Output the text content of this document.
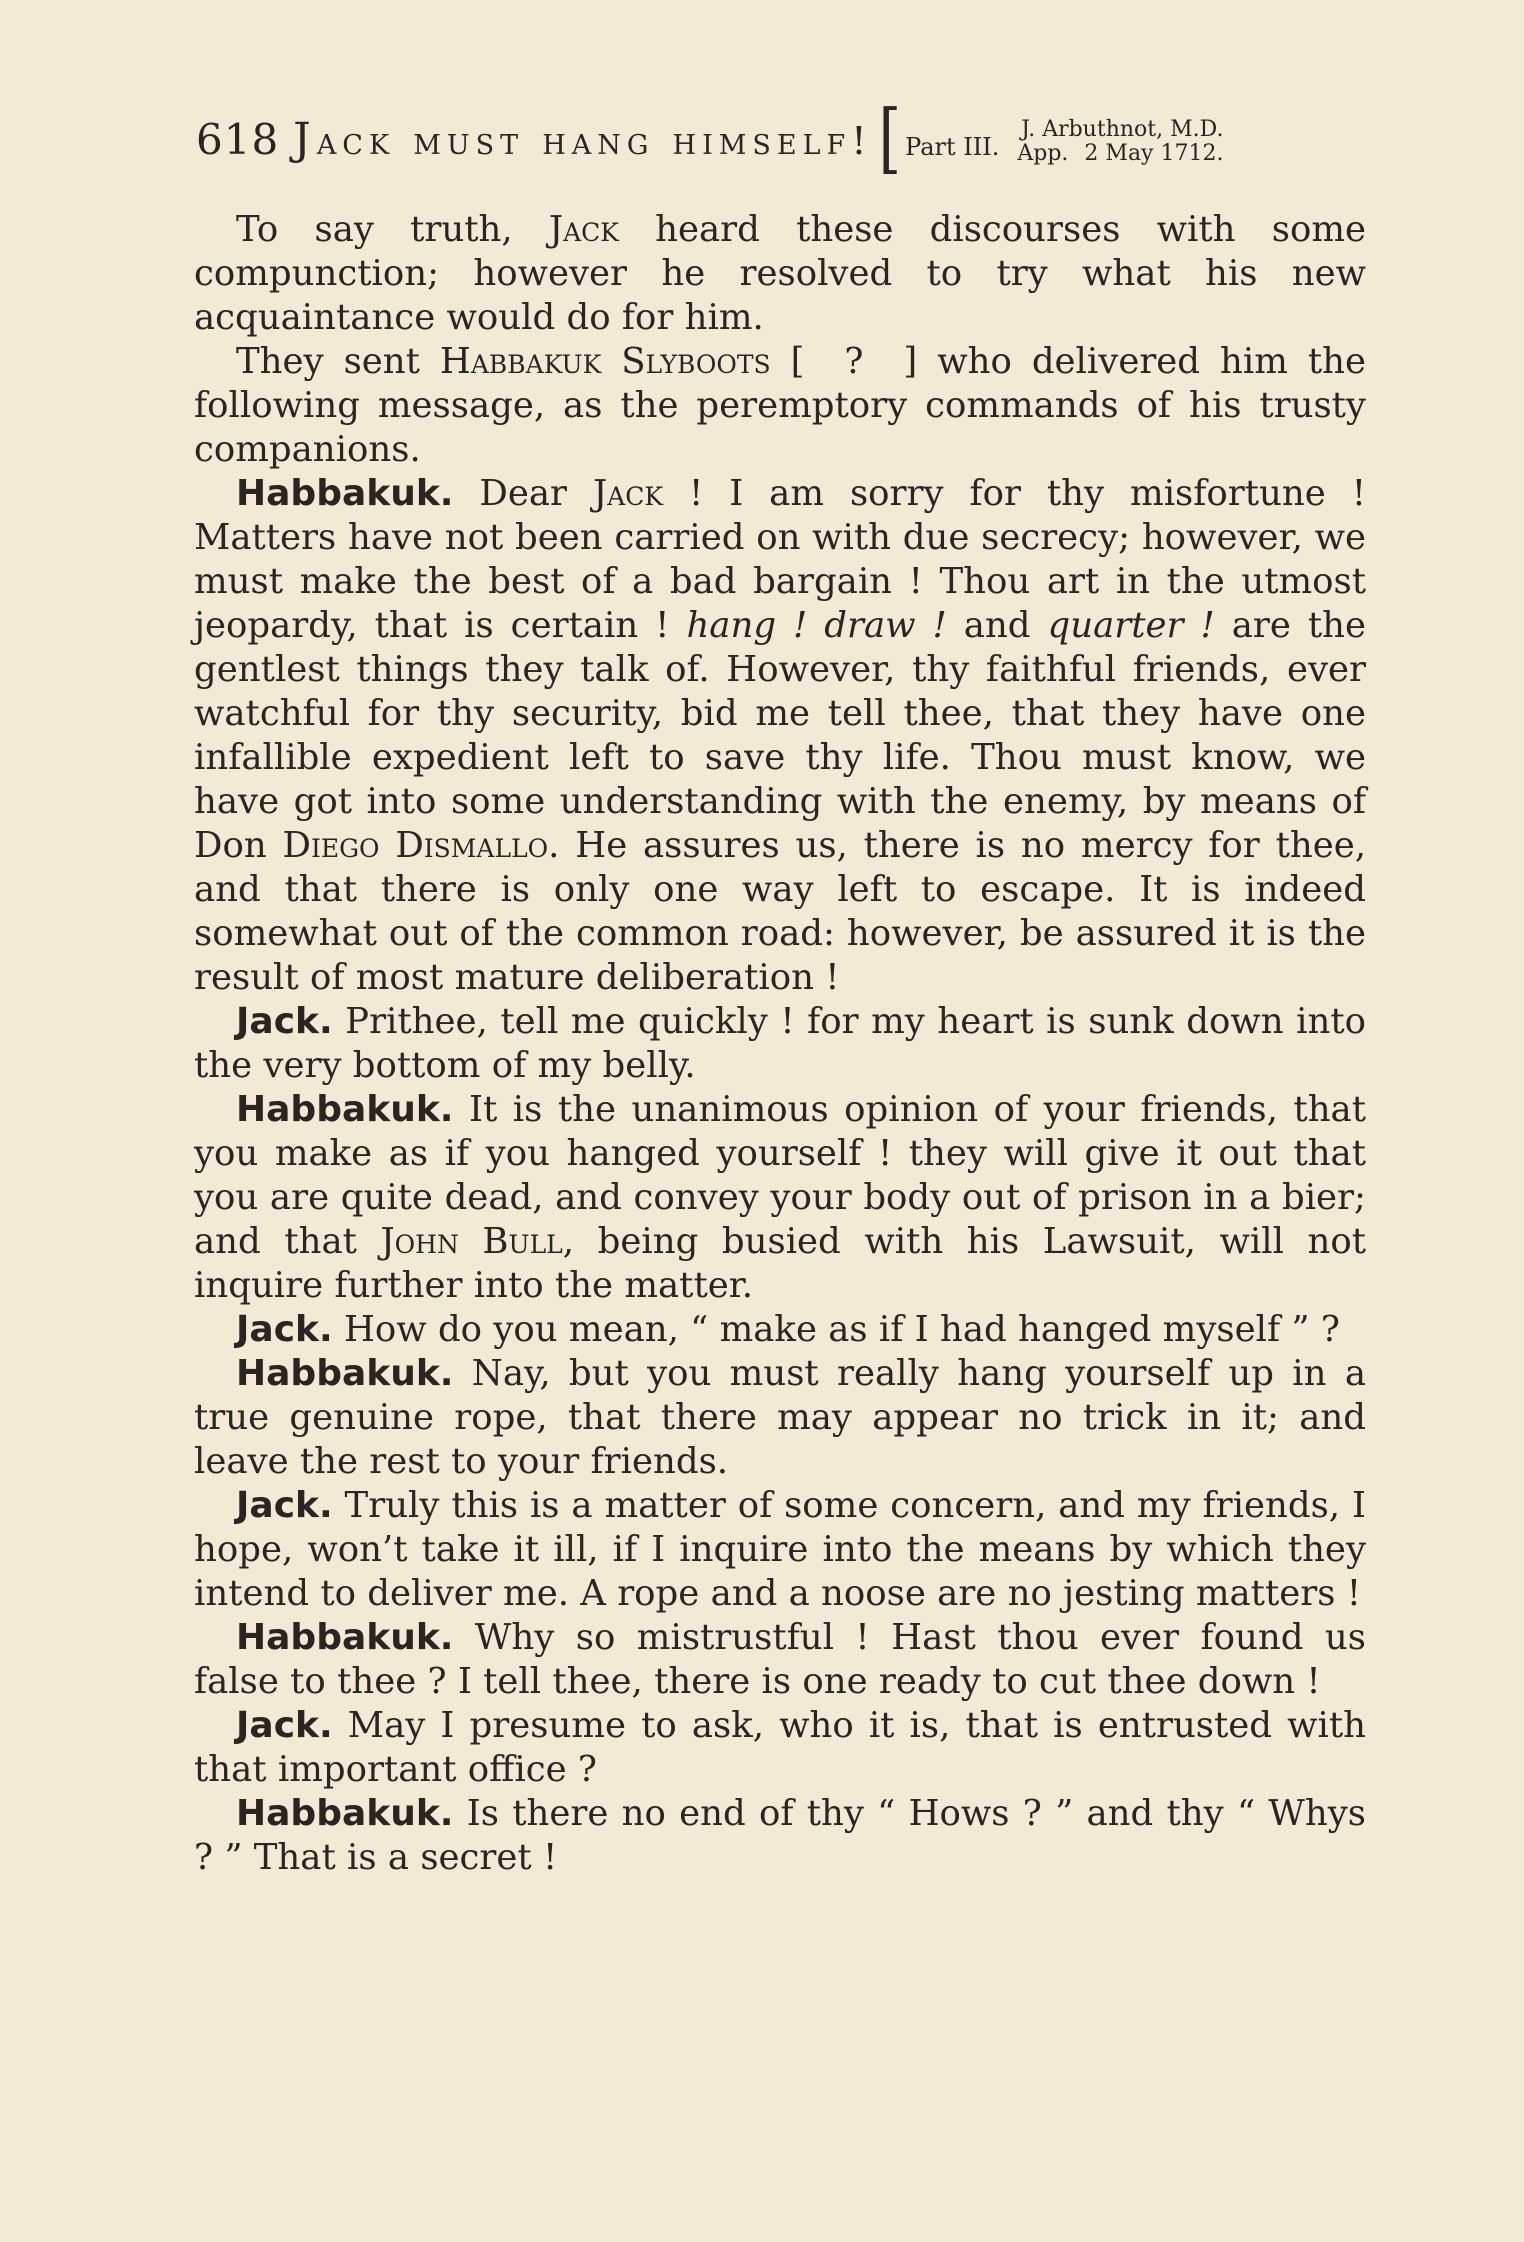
618 Jack must hang himself! [ Part III.
J. Arbuthnot, M.D.
App. 2 May 1712.

To say truth, Jack heard these discourses with some compunction; however he resolved to try what his new acquaintance would do for him.

They sent Habbakuk Slyboots [  ?  ] who delivered him the following message, as the peremptory commands of his trusty companions.

Habbakuk. Dear Jack ! I am sorry for thy misfortune ! Matters have not been carried on with due secrecy; however, we must make the best of a bad bargain ! Thou art in the utmost jeopardy, that is certain ! hang ! draw ! and quarter ! are the gentlest things they talk of. However, thy faithful friends, ever watchful for thy security, bid me tell thee, that they have one infallible expedient left to save thy life. Thou must know, we have got into some understanding with the enemy, by means of Don Diego Dismallo. He assures us, there is no mercy for thee, and that there is only one way left to escape. It is indeed somewhat out of the common road: however, be assured it is the result of most mature deliberation !

Jack. Prithee, tell me quickly ! for my heart is sunk down into the very bottom of my belly.

Habbakuk. It is the unanimous opinion of your friends, that you make as if you hanged yourself ! they will give it out that you are quite dead, and convey your body out of prison in a bier; and that John Bull, being busied with his Lawsuit, will not inquire further into the matter.

Jack. How do you mean, “ make as if I had hanged myself ” ?

Habbakuk. Nay, but you must really hang yourself up in a true genuine rope, that there may appear no trick in it; and leave the rest to your friends.

Jack. Truly this is a matter of some concern, and my friends, I hope, won’t take it ill, if I inquire into the means by which they intend to deliver me. A rope and a noose are no jesting matters !

Habbakuk. Why so mistrustful ! Hast thou ever found us false to thee ? I tell thee, there is one ready to cut thee down !

Jack. May I presume to ask, who it is, that is entrusted with that important office ?

Habbakuk. Is there no end of thy “ Hows ? ” and thy “ Whys ? ” That is a secret !
